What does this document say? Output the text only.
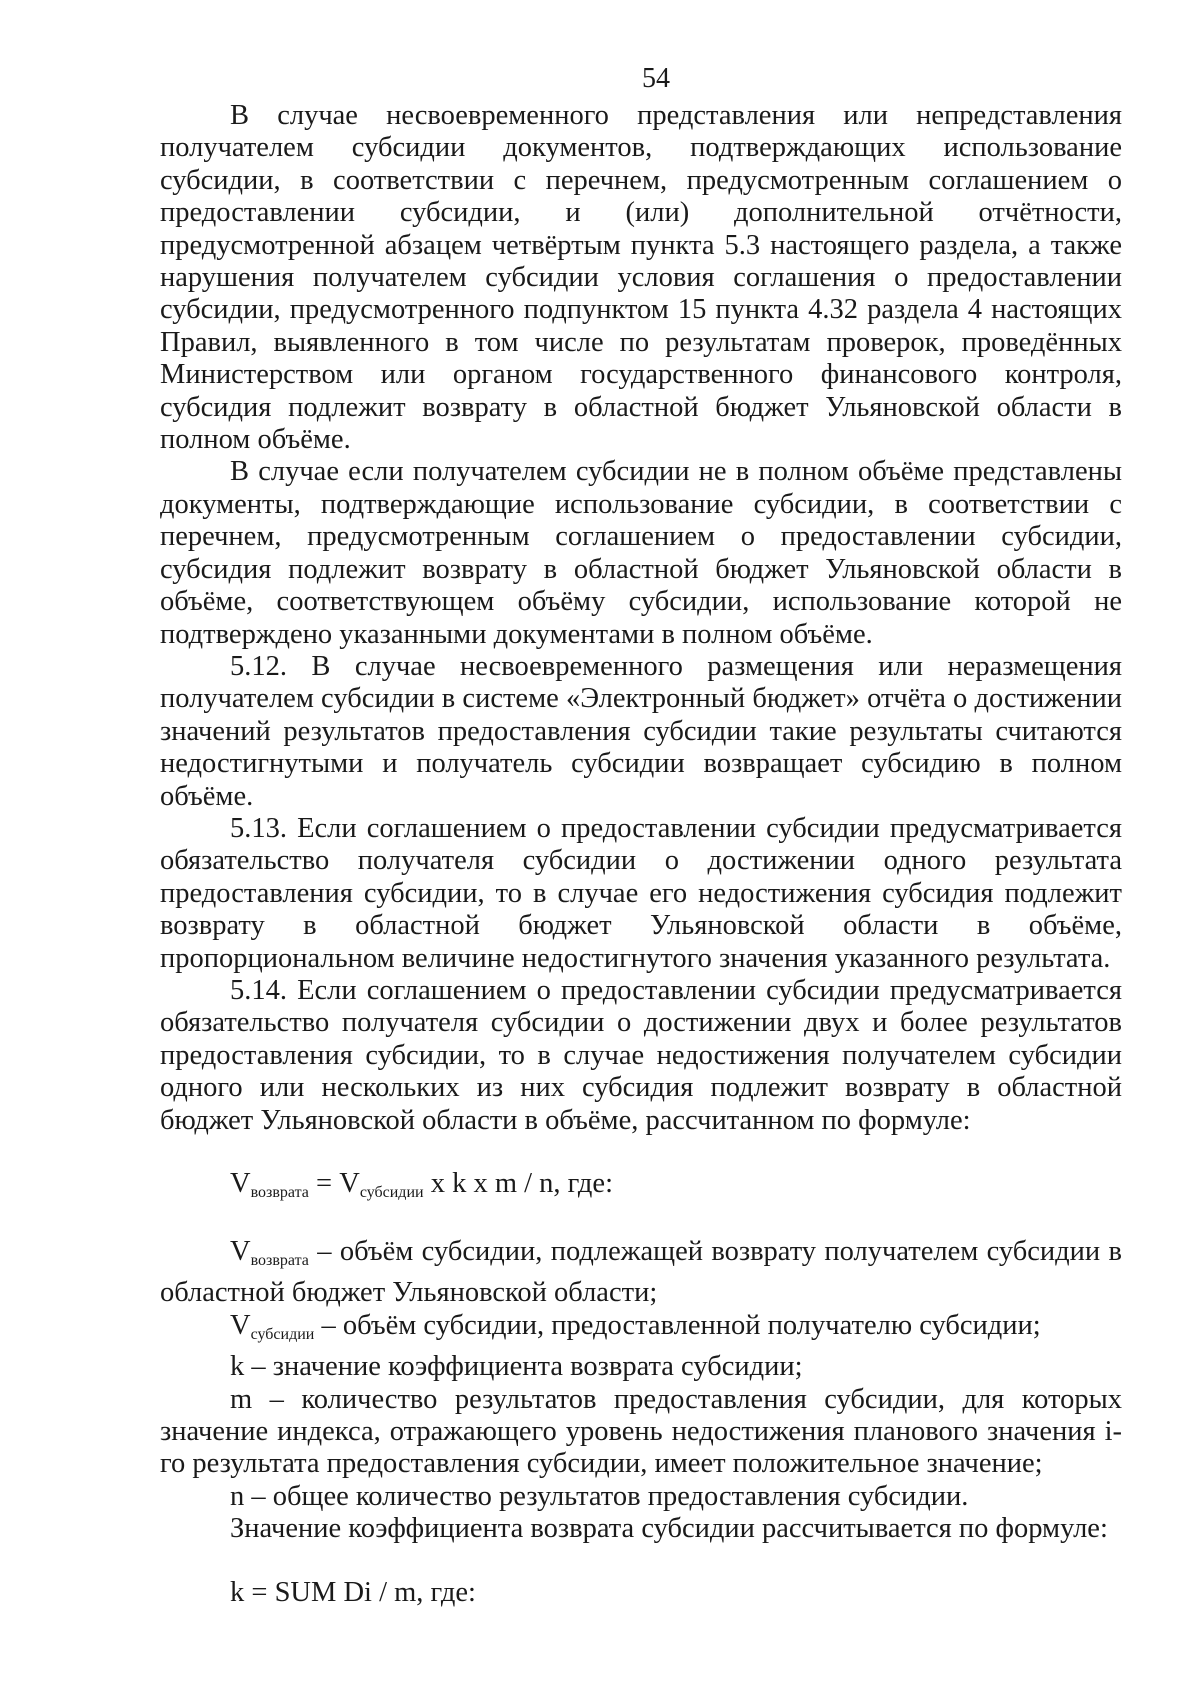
54

В случае несвоевременного представления или непредставления получателем субсидии документов, подтверждающих использование субсидии, в соответствии с перечнем, предусмотренным соглашением о предоставлении субсидии, и (или) дополнительной отчётности, предусмотренной абзацем четвёртым пункта 5.3 настоящего раздела, а также нарушения получателем субсидии условия соглашения о предоставлении субсидии, предусмотренного подпунктом 15 пункта 4.32 раздела 4 настоящих Правил, выявленного в том числе по результатам проверок, проведённых Министерством или органом государственного финансового контроля, субсидия подлежит возврату в областной бюджет Ульяновской области в полном объёме.

В случае если получателем субсидии не в полном объёме представлены документы, подтверждающие использование субсидии, в соответствии с перечнем, предусмотренным соглашением о предоставлении субсидии, субсидия подлежит возврату в областной бюджет Ульяновской области в объёме, соответствующем объёму субсидии, использование которой не подтверждено указанными документами в полном объёме.

5.12. В случае несвоевременного размещения или неразмещения получателем субсидии в системе «Электронный бюджет» отчёта о достижении значений результатов предоставления субсидии такие результаты считаются недостигнутыми и получатель субсидии возвращает субсидию в полном объёме.

5.13. Если соглашением о предоставлении субсидии предусматривается обязательство получателя субсидии о достижении одного результата предоставления субсидии, то в случае его недостижения субсидия подлежит возврату в областной бюджет Ульяновской области в объёме, пропорциональном величине недостигнутого значения указанного результата.

5.14. Если соглашением о предоставлении субсидии предусматривается обязательство получателя субсидии о достижении двух и более результатов предоставления субсидии, то в случае недостижения получателем субсидии одного или нескольких из них субсидия подлежит возврату в областной бюджет Ульяновской области в объёме, рассчитанном по формуле:

$V_{возврата} = V_{субсидии}$ x k x m / n, где:

$V_{возврата}$ – объём субсидии, подлежащей возврату получателем субсидии в областной бюджет Ульяновской области;

$V_{субсидии}$ – объём субсидии, предоставленной получателю субсидии;

k – значение коэффициента возврата субсидии;

m – количество результатов предоставления субсидии, для которых значение индекса, отражающего уровень недостижения планового значения i-го результата предоставления субсидии, имеет положительное значение;

n – общее количество результатов предоставления субсидии.

Значение коэффициента возврата субсидии рассчитывается по формуле:

k = SUM Di / m, где:
